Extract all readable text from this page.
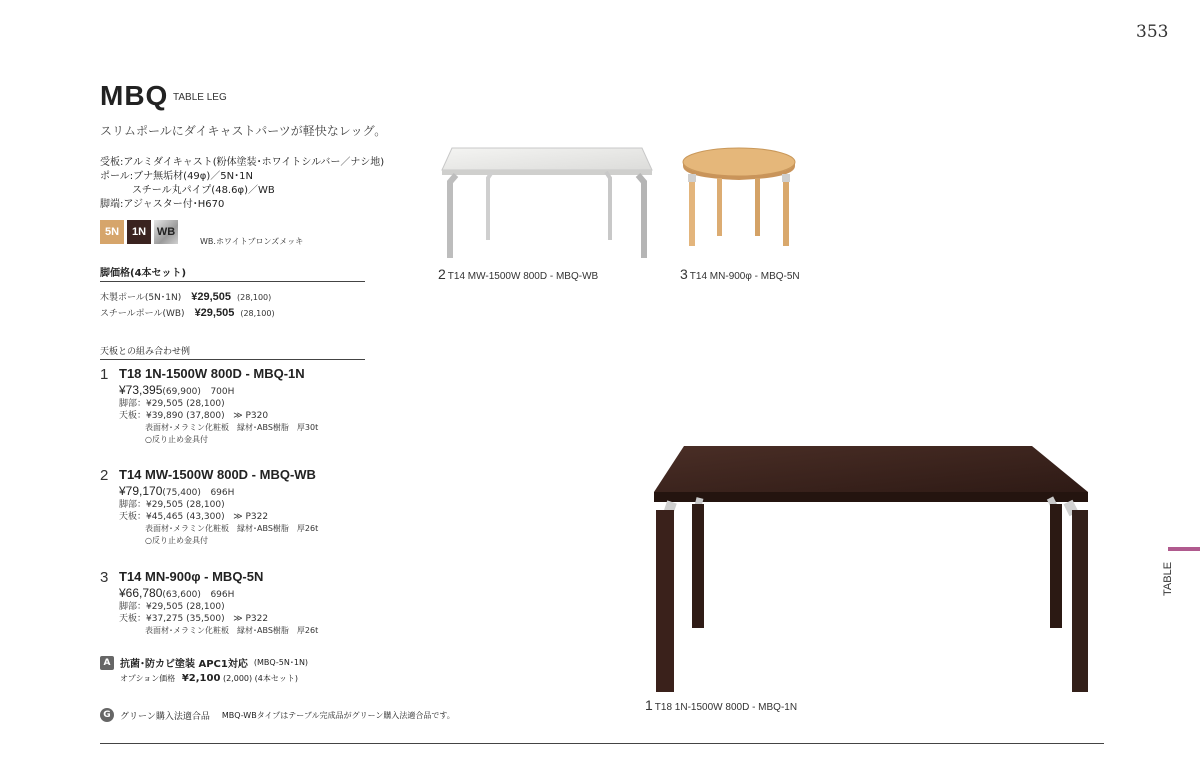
353
MBQ TABLE LEG
スリムポールにダイキャストパーツが軽快なレッグ。
受板:アルミダイキャスト(粉体塗装･ホワイトシルバー／ナシ地)
ポール:ブナ無垢材(49φ)／5N･1N
スチール丸パイプ(48.6φ)／WB
脚端:アジャスター付･H670
5N	1N WB
WB.ホワイトブロンズメッキ
脚価格(4本セット)
木製ポール(5N･1N) ¥29,505 (28,100)
スチールポール(WB) ¥29,505 (28,100)
天板との組み合わせ例
1 T18 1N-1500W 800D - MBQ-1N
¥73,395(69,900) 700H
脚部：¥29,505 (28,100)
天板：¥39,890 (37,800) ≫ P320
表面材･メラミン化粧板　縁材･ABS樹脂　厚30t
○反り止め金具付
2 T14 MW-1500W 800D - MBQ-WB
¥79,170(75,400) 696H
脚部：¥29,505 (28,100)
天板：¥45,465 (43,300) ≫ P322
表面材･メラミン化粧板　縁材･ABS樹脂　厚26t
○反り止め金具付
3 T14 MN-900φ - MBQ-5N
¥66,780(63,600) 696H
脚部：¥29,505 (28,100)
天板：¥37,275 (35,500) ≫ P322
表面材･メラミン化粧板　縁材･ABS樹脂　厚26t
A 抗菌･防カビ塗装 APC1対応 (MBQ-5N･1N)
オプション価格 ¥2,100 (2,000) (4本セット)
G	グリーン購入法適合品 MBQ-WBタイプはテーブル完成品がグリーン購入法適合品です。
2 T14 MW-1500W 800D - MBQ-WB	3 T14 MN-900φ - MBQ-5N
1 T18 1N-1500W 800D - MBQ-1N
TABLE
